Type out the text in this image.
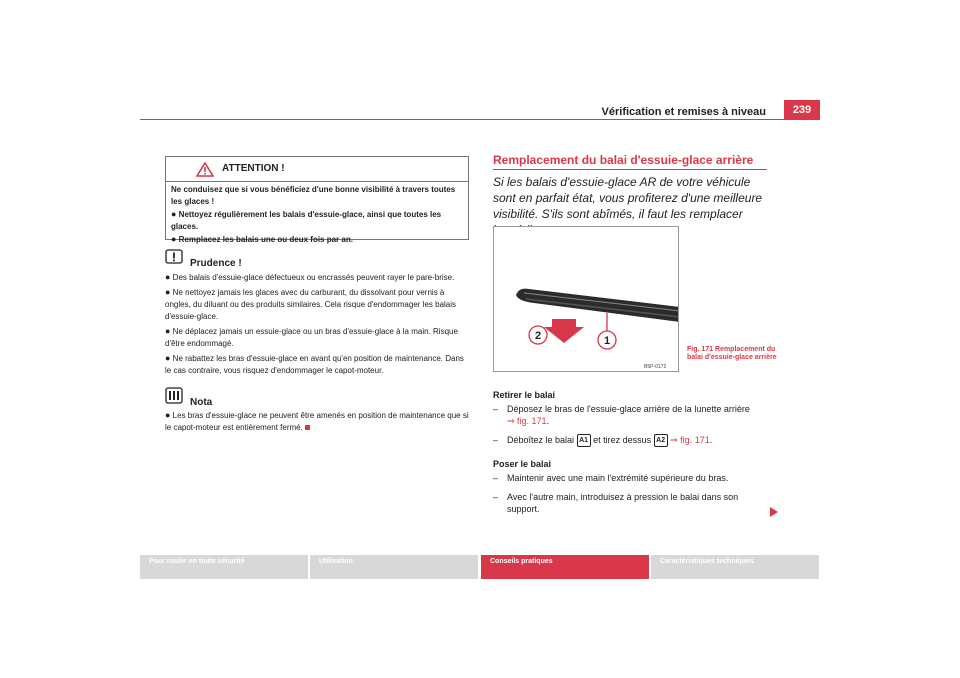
Vérification et remises à niveau	239
ATTENTION !

Ne conduisez que si vous bénéficiez d'une bonne visibilité à travers toutes les glaces !

● Nettoyez régulièrement les balais d'essuie-glace, ainsi que toutes les glaces.

● Remplacez les balais une ou deux fois par an.

Prudence !

● Des balais d'essuie-glace défectueux ou encrassés peuvent rayer le pare-brise.

● Ne nettoyez jamais les glaces avec du carburant, du dissolvant pour vernis à ongles, du diluant ou des produits similaires. Cela risque d'endommager les balais d'essuie-glace.

● Ne déplacez jamais un essuie-glace ou un bras d'essuie-glace à la main. Risque d'être endommagé.

● Ne rabattez les bras d'essuie-glace en avant qu'en position de maintenance. Dans le cas contraire, vous risquez d'endommager le capot-moteur.

Nota

● Les bras d'essuie-glace ne peuvent être amenés en position de maintenance que si le capot-moteur est entièrement fermé.

Remplacement du balai d'essuie-glace arrière
Si les balais d'essuie-glace AR de votre véhicule sont en parfait état, vous profiterez d'une meilleure visibilité. S'ils sont abîmés, il faut les remplacer
2	1
B5P-0172
Fig. 171 Remplacement du balai d'essuie-glace arrière
Retirer le balai
– Déposez le bras de l'essuie-glace arrière de la lunette arrière
⇒ fig. 171.
– Déboîtez le balai A1 et tirez dessus A2 ⇒ fig. 171.
Poser le balai
– Maintenir avec une main l'extrémité supérieure du bras.
– Avec l'autre main, introduisez à pression le balai dans son support.
Pour rouler en toute sécurité	Utilisation	Conseils pratiques	Caractéristiques techniques
